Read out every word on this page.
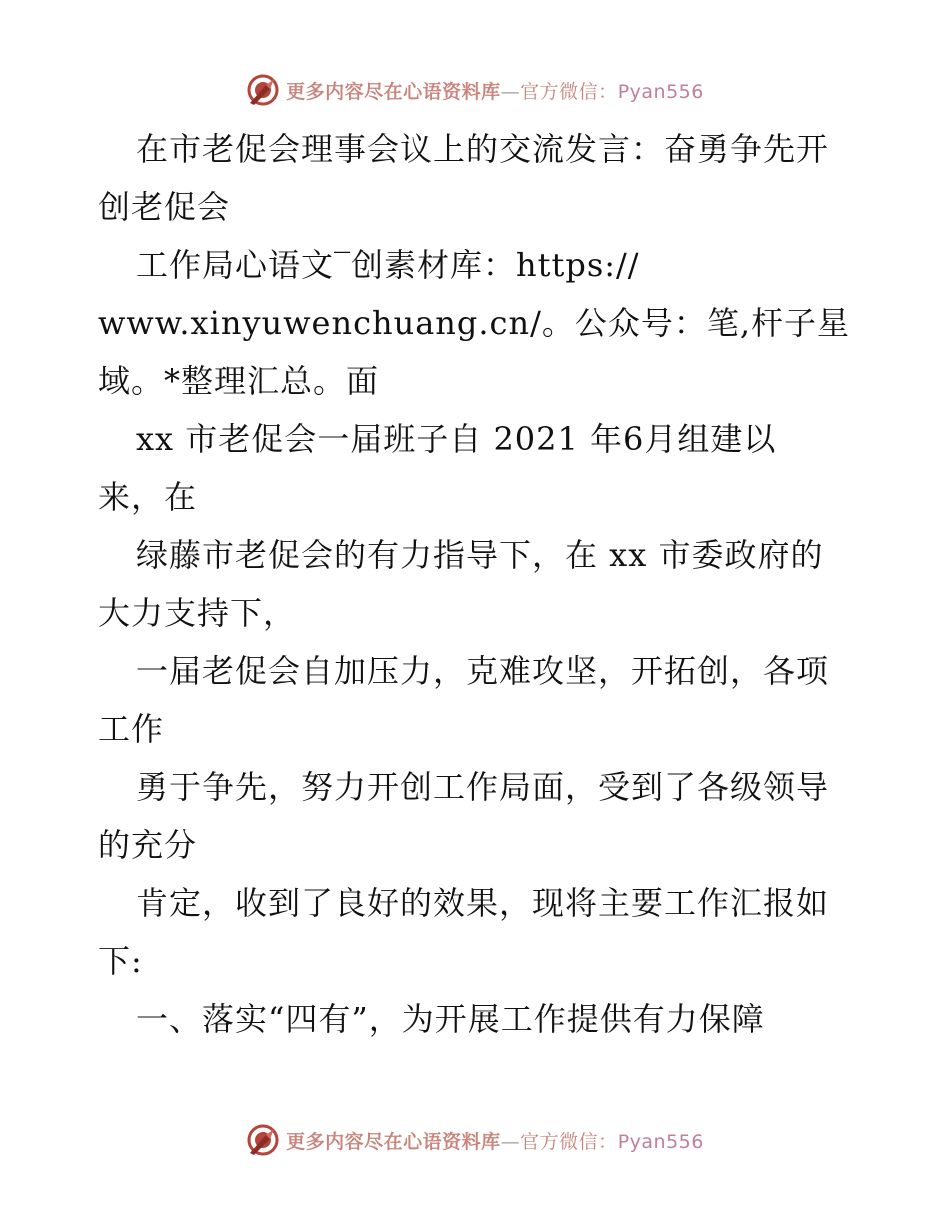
更多内容尽在心语资料库—官方微信：Pyan556
在市老促会理事会议上的交流发言：奋勇争先开
创老促会
工作局心语文‾创素材库：https://
www.xinyuwenchuang.cn/。公众号：笔,杆子星
域。*整理汇总。面
xx 市老促会一届班子自 2021 年6月组建以
来，在
绿藤市老促会的有力指导下，在 xx 市委政府的
大力支持下，
一届老促会自加压力，克难攻坚，开拓创，各项
工作
勇于争先，努力开创工作局面，受到了各级领导
的充分
肯定，收到了良好的效果，现将主要工作汇报如
下:
一、落实“四有”，为开展工作提供有力保障
更多内容尽在心语资料库—官方微信：Pyan556
